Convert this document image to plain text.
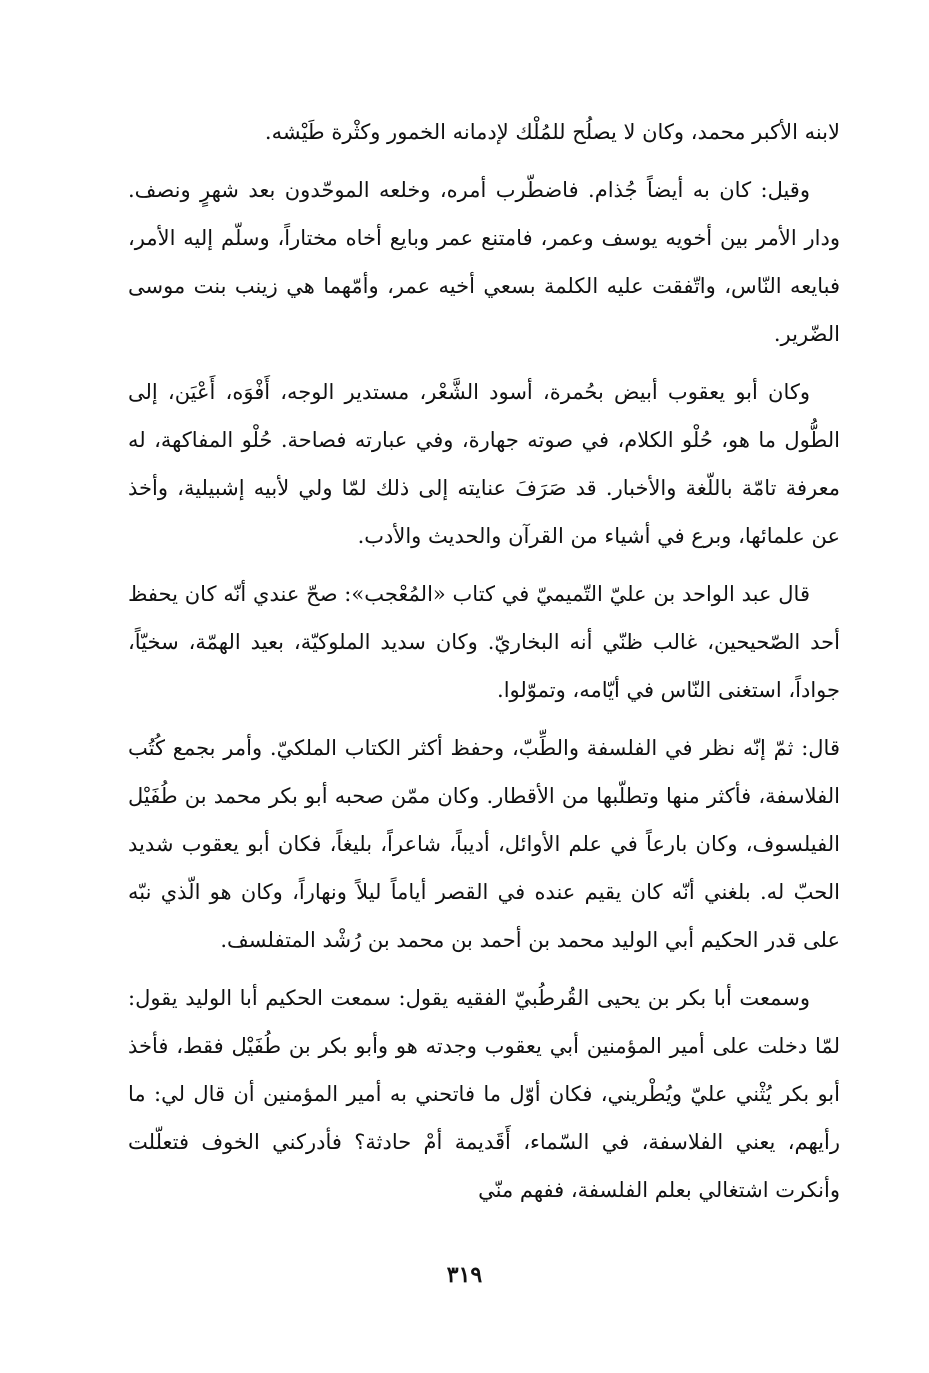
لابنه الأكبر محمد، وكان لا يصلُح للمُلْك لإدمانه الخمور وكثْرة طَيْشه.

وقيل: كان به أيضاً جُذام. فاضطّرب أمره، وخلعه الموحّدون بعد شهرٍ ونصف. ودار الأمر بين أخويه يوسف وعمر، فامتنع عمر وبايع أخاه مختاراً، وسلّم إليه الأمر، فبايعه النّاس، واتّفقت عليه الكلمة بسعي أخيه عمر، وأمّهما هي زينب بنت موسى الضّرير.

وكان أبو يعقوب أبيض بحُمرة، أسود الشَّعْر، مستدير الوجه، أَفْوَه، أَعْيَن، إلى الطُّول ما هو، حُلْو الكلام، في صوته جهارة، وفي عبارته فصاحة. حُلْو المفاكهة، له معرفة تامّة باللّغة والأخبار. قد صَرَفَ عنايته إلى ذلك لمّا ولي لأبيه إشبيلية، وأخذ عن علمائها، وبرع في أشياء من القرآن والحديث والأدب.

قال عبد الواحد بن عليّ التّميميّ في كتاب «المُعْجب»: صحّ عندي أنّه كان يحفظ أحد الصّحيحين، غالب ظنّي أنه البخاريّ. وكان سديد الملوكيّة، بعيد الهمّة، سخيّاً، جواداً، استغنى النّاس في أيّامه، وتموّلوا.

قال: ثمّ إنّه نظر في الفلسفة والطِّبّ، وحفظ أكثر الكتاب الملكيّ. وأمر بجمع كُتُب الفلاسفة، فأكثر منها وتطلّبها من الأقطار. وكان ممّن صحبه أبو بكر محمد بن طُفَيْل الفيلسوف، وكان بارعاً في علم الأوائل، أديباً، شاعراً، بليغاً، فكان أبو يعقوب شديد الحبّ له. بلغني أنّه كان يقيم عنده في القصر أياماً ليلاً ونهاراً، وكان هو الّذي نبّه على قدر الحكيم أبي الوليد محمد بن أحمد بن محمد بن رُشْد المتفلسف.

وسمعت أبا بكر بن يحيى القُرطُبيّ الفقيه يقول: سمعت الحكيم أبا الوليد يقول: لمّا دخلت على أمير المؤمنين أبي يعقوب وجدته هو وأبو بكر بن طُفَيْل فقط، فأخذ أبو بكر يُثْني عليّ ويُطْريني، فكان أوّل ما فاتحني به أمير المؤمنين أن قال لي: ما رأيهم، يعني الفلاسفة، في السّماء، أَقَديمة أمْ حادثة؟ فأدركني الخوف فتعلّلت وأنكرت اشتغالي بعلم الفلسفة، ففهم منّي

٣١٩
